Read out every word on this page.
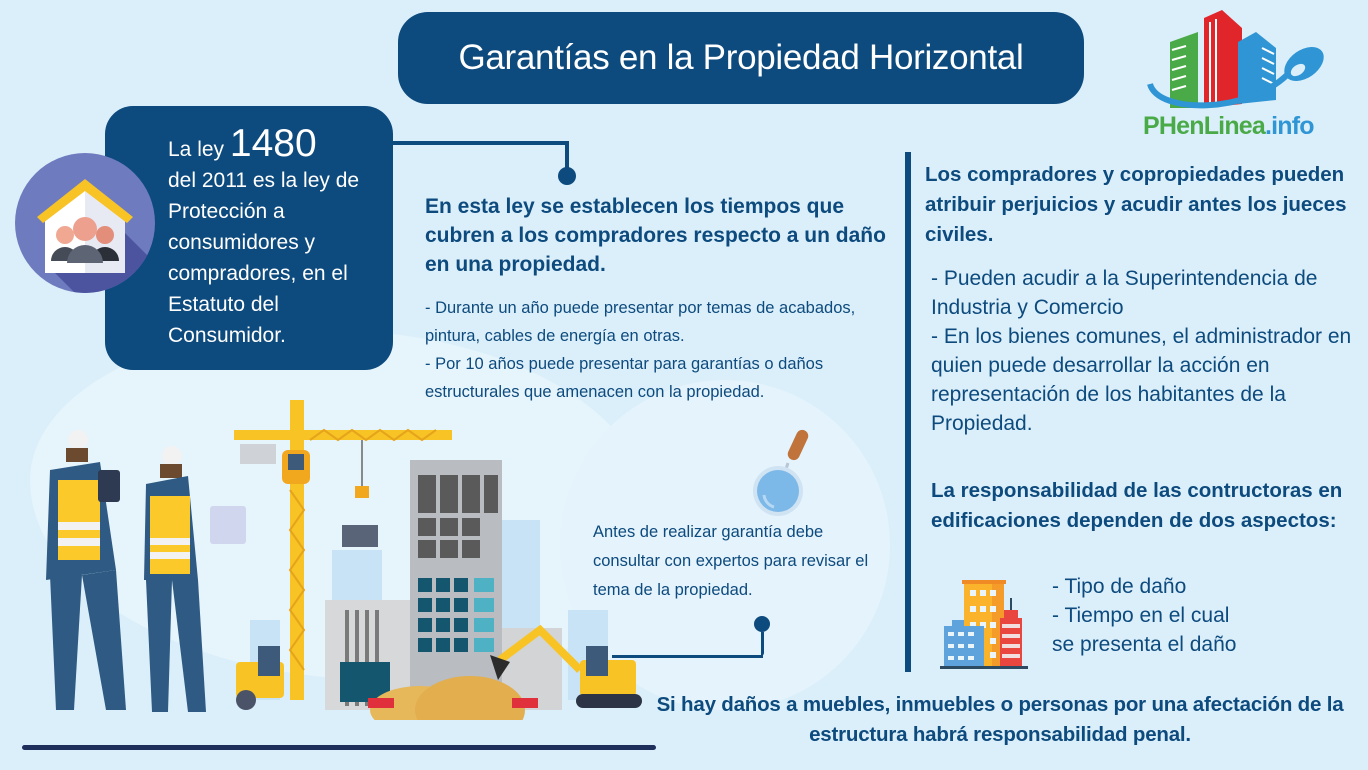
Garantías en la Propiedad Horizontal
PHenLinea.info
La ley 1480
del 2011 es la ley de
Protección a
consumidores y
compradores, en el
Estatuto del
Consumidor.
En esta ley se establecen los tiempos que cubren a los compradores respecto a un daño en una propiedad.
- Durante un año puede presentar por temas de acabados, pintura, cables de energía en otras.
- Por 10 años puede presentar para garantías o daños estructurales que amenacen con la propiedad.
Los compradores y copropiedades pueden atribuir perjuicios y acudir antes los jueces civiles.
- Pueden acudir a la Superintendencia de Industria y Comercio
- En los bienes comunes, el administrador en quien puede desarrollar la acción en representación de los habitantes de la Propiedad.
La responsabilidad de las contructoras en edificaciones dependen de dos aspectos:
- Tipo de daño
- Tiempo en el cual
se presenta el daño
Antes de realizar garantía debe consultar con expertos para revisar el tema de la propiedad.
Si hay daños a muebles, inmuebles o personas por una afectación de la estructura habrá responsabilidad penal.
